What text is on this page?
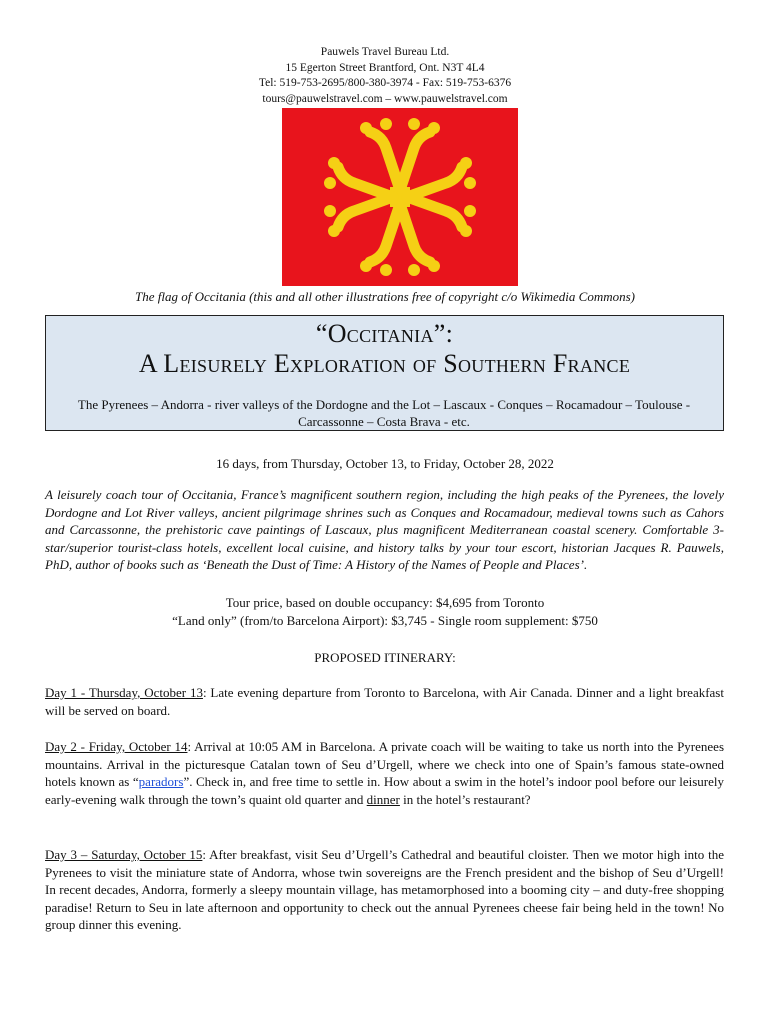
Pauwels Travel Bureau Ltd.
15 Egerton Street Brantford, Ont. N3T 4L4
Tel: 519-753-2695/800-380-3974 - Fax: 519-753-6376
tours@pauwelstravel.com – www.pauwelstravel.com
The flag of Occitania (this and all other illustrations free of copyright c/o Wikimedia Commons)
“Occitania”:
A Leisurely Exploration of Southern France
The Pyrenees – Andorra - river valleys of the Dordogne and the Lot – Lascaux - Conques – Rocamadour – Toulouse - Carcassonne – Costa Brava - etc.
16 days, from Thursday, October 13, to Friday, October 28, 2022

A leisurely coach tour of Occitania, France’s magnificent southern region, including the high peaks of the Pyrenees, the lovely Dordogne and Lot River valleys, ancient pilgrimage shrines such as Conques and Rocamadour, medieval towns such as Cahors and Carcassonne, the prehistoric cave paintings of Lascaux, plus magnificent Mediterranean coastal scenery. Comfortable 3-star/superior tourist-class hotels, excellent local cuisine, and history talks by your tour escort, historian Jacques R. Pauwels, PhD, author of books such as ‘Beneath the Dust of Time: A History of the Names of People and Places’.

Tour price, based on double occupancy: $4,695 from Toronto
“Land only” (from/to Barcelona Airport): $3,745 - Single room supplement: $750
PROPOSED ITINERARY:

Day 1 - Thursday, October 13: Late evening departure from Toronto to Barcelona, with Air Canada. Dinner and a light breakfast will be served on board.

Day 2 - Friday, October 14: Arrival at 10:05 AM in Barcelona. A private coach will be waiting to take us north into the Pyrenees mountains. Arrival in the picturesque Catalan town of Seu d’Urgell, where we check into one of Spain’s famous state-owned hotels known as “paradors”. Check in, and free time to settle in. How about a swim in the hotel’s indoor pool before our leisurely early-evening walk through the town’s quaint old quarter and dinner in the hotel’s restaurant?

Day 3 – Saturday, October 15: After breakfast, visit Seu d’Urgell’s Cathedral and beautiful cloister. Then we motor high into the Pyrenees to visit the miniature state of Andorra, whose twin sovereigns are the French president and the bishop of Seu d’Urgell! In recent decades, Andorra, formerly a sleepy mountain village, has metamorphosed into a booming city – and duty-free shopping paradise! Return to Seu in late afternoon and opportunity to check out the annual Pyrenees cheese fair being held in the town! No group dinner this evening.
